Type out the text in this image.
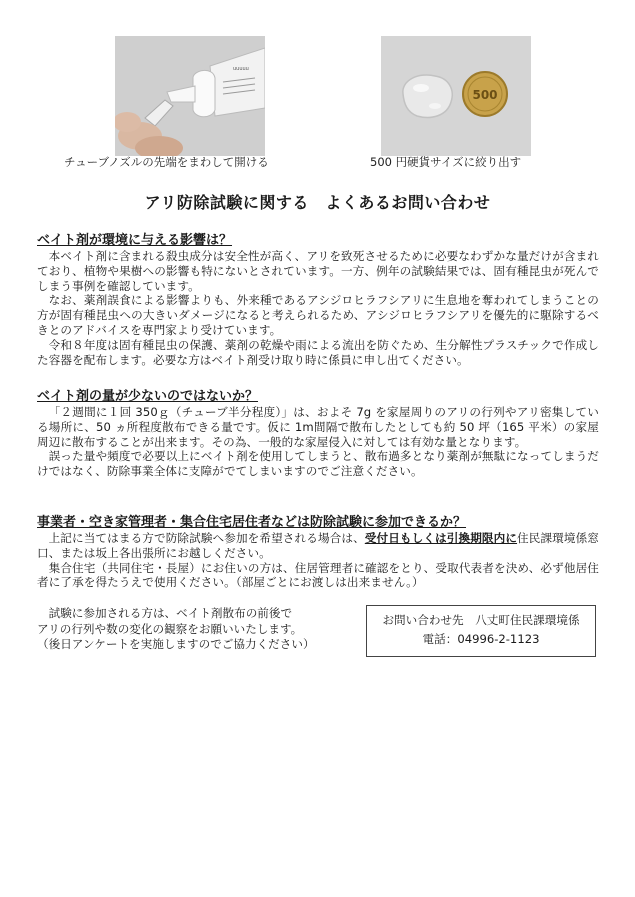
uuuuu
500
チューブノズルの先端をまわして開ける	500 円硬貨サイズに絞り出す
アリ防除試験に関する　よくあるお問い合わせ
ベイト剤が環境に与える影響は？

本ベイト剤に含まれる殺虫成分は安全性が高く、アリを致死させるために必要なわずかな量だけが含まれており、植物や果樹への影響も特にないとされています。一方、例年の試験結果では、固有種昆虫が死んでしまう事例を確認しています。

なお、薬剤誤食による影響よりも、外来種であるアシジロヒラフシアリに生息地を奪われてしまうことの方が固有種昆虫への大きいダメージになると考えられるため、アシジロヒラフシアリを優先的に駆除するべきとのアドバイスを専門家より受けています。

令和８年度は固有種昆虫の保護、薬剤の乾燥や雨による流出を防ぐため、生分解性プラスチックで作成した容器を配布します。必要な方はベイト剤受け取り時に係員に申し出てください。

ベイト剤の量が少ないのではないか？

「２週間に１回 350ｇ（チューブ半分程度）」は、およそ 7g を家屋周りのアリの行列やアリ密集している場所に、50 ヵ所程度散布できる量です。仮に 1m間隔で散布したとしても約 50 坪（165 平米）の家屋周辺に散布することが出来ます。その為、一般的な家屋侵入に対しては有効な量となります。

誤った量や頻度で必要以上にベイト剤を使用してしまうと、散布過多となり薬剤が無駄になってしまうだけではなく、防除事業全体に支障がでてしまいますのでご注意ください。

事業者・空き家管理者・集合住宅居住者などは防除試験に参加できるか？

上記に当てはまる方で防除試験へ参加を希望される場合は、受付日もしくは引換期限内に住民課環境係窓口、または坂上各出張所にお越しください。

集合住宅（共同住宅・長屋）にお住いの方は、住居管理者に確認をとり、受取代表者を決め、必ず他居住者に了承を得たうえで使用ください。（部屋ごとにお渡しは出来ません。）

　試験に参加される方は、ベイト剤散布の前後で
アリの行列や数の変化の観察をお願いいたします。
（後日アンケートを実施しますのでご協力ください）
お問い合わせ先　八丈町住民課環境係
電話：04996-2-1123
